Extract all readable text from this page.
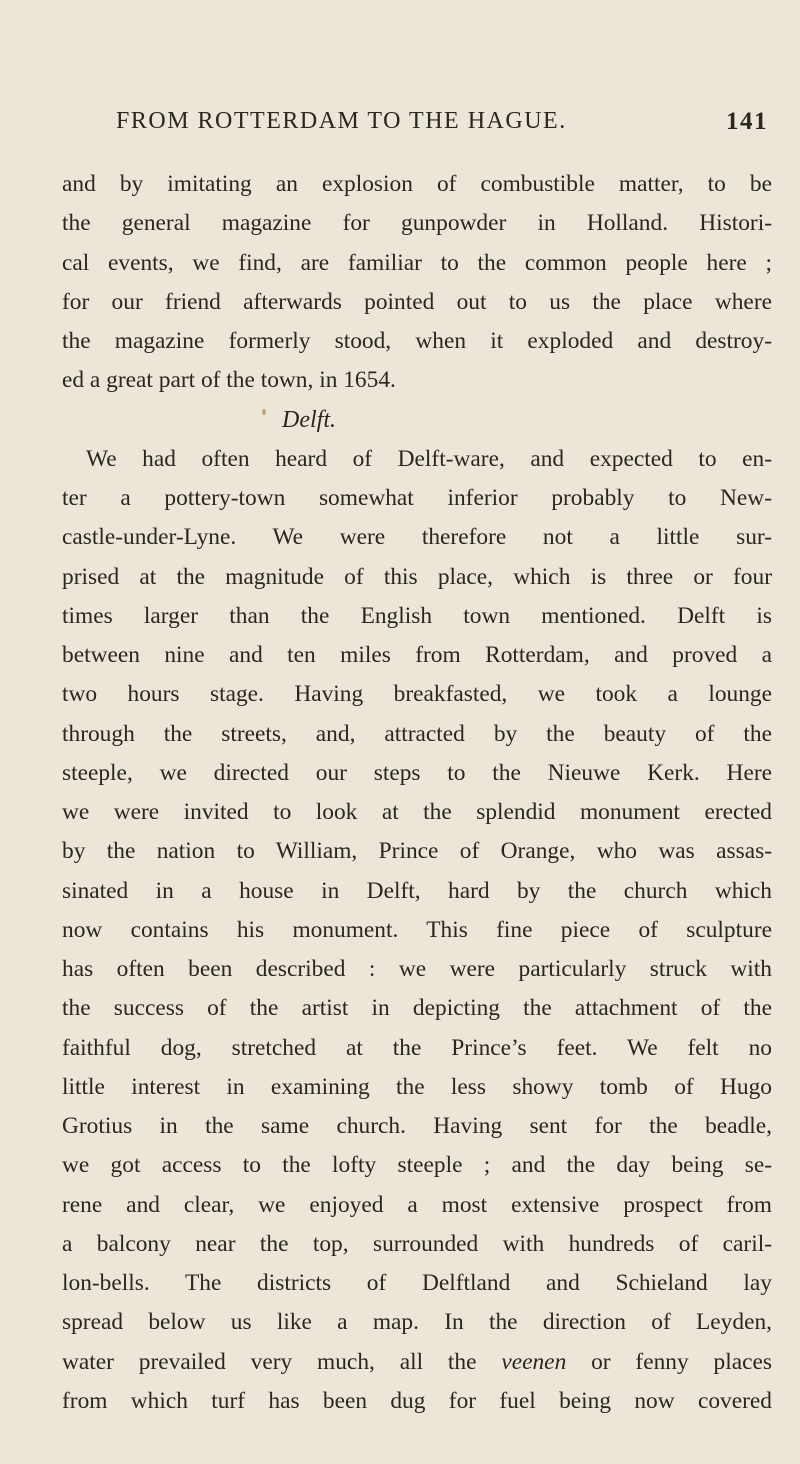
FROM ROTTERDAM TO THE HAGUE.	141
and by imitating an explosion of combustible matter, to be
the general magazine for gunpowder in Holland. Histori-
cal events, we find, are familiar to the common people here ;
for our friend afterwards pointed out to us the place where
the magazine formerly stood, when it exploded and destroy-
ed a great part of the town, in 1654.
Delft.
We had often heard of Delft-ware, and expected to en-
ter a pottery-town somewhat inferior probably to New-
castle-under-Lyne. We were therefore not a little sur-
prised at the magnitude of this place, which is three or four
times larger than the English town mentioned. Delft is
between nine and ten miles from Rotterdam, and proved a
two hours stage. Having breakfasted, we took a lounge
through the streets, and, attracted by the beauty of the
steeple, we directed our steps to the Nieuwe Kerk. Here
we were invited to look at the splendid monument erected
by the nation to William, Prince of Orange, who was assas-
sinated in a house in Delft, hard by the church which
now contains his monument. This fine piece of sculpture
has often been described : we were particularly struck with
the success of the artist in depicting the attachment of the
faithful dog, stretched at the Prince’s feet. We felt no
little interest in examining the less showy tomb of Hugo
Grotius in the same church. Having sent for the beadle,
we got access to the lofty steeple ; and the day being se-
rene and clear, we enjoyed a most extensive prospect from
a balcony near the top, surrounded with hundreds of caril-
lon-bells. The districts of Delftland and Schieland lay
spread below us like a map. In the direction of Leyden,
water prevailed very much, all the veenen or fenny places
from which turf has been dug for fuel being now covered
